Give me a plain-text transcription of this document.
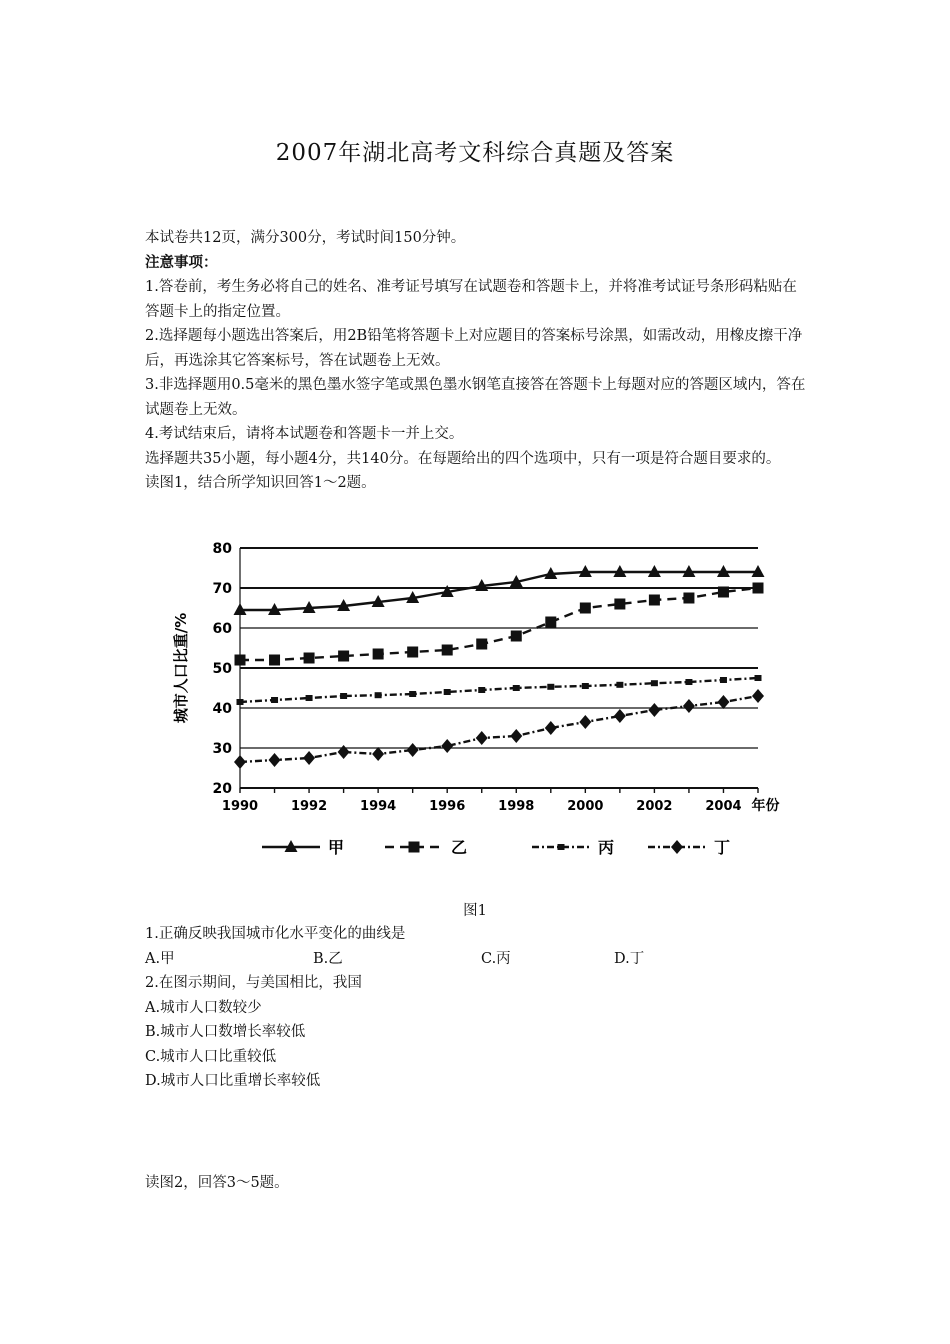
2007年湖北高考文科综合真题及答案

本试卷共12页，满分300分，考试时间150分钟。

注意事项：

1.答卷前，考生务必将自己的姓名、准考证号填写在试题卷和答题卡上，并将准考试证号条形码粘贴在答题卡上的指定位置。

2.选择题每小题选出答案后，用2B铅笔将答题卡上对应题目的答案标号涂黑，如需改动，用橡皮擦干净后，再选涂其它答案标号，答在试题卷上无效。

3.非选择题用0.5毫米的黑色墨水签字笔或黑色墨水钢笔直接答在答题卡上每题对应的答题区域内，答在试题卷上无效。

4.考试结束后，请将本试题卷和答题卡一并上交。

选择题共35小题，每小题4分，共140分。在每题给出的四个选项中，只有一项是符合题目要求的。

读图1，结合所学知识回答1～2题。

20
30
40
50
60
70
80
1990	1992	1994	1996	1998	2000	2002	2004 年份
城市人口比重/%
甲	乙	丙	丁
图1

1.正确反映我国城市化水平变化的曲线是

A.甲	B.乙	C.丙	D.丁

2.在图示期间，与美国相比，我国

A.城市人口数较少

B.城市人口数增长率较低

C.城市人口比重较低

D.城市人口比重增长率较低

读图2，回答3～5题。
